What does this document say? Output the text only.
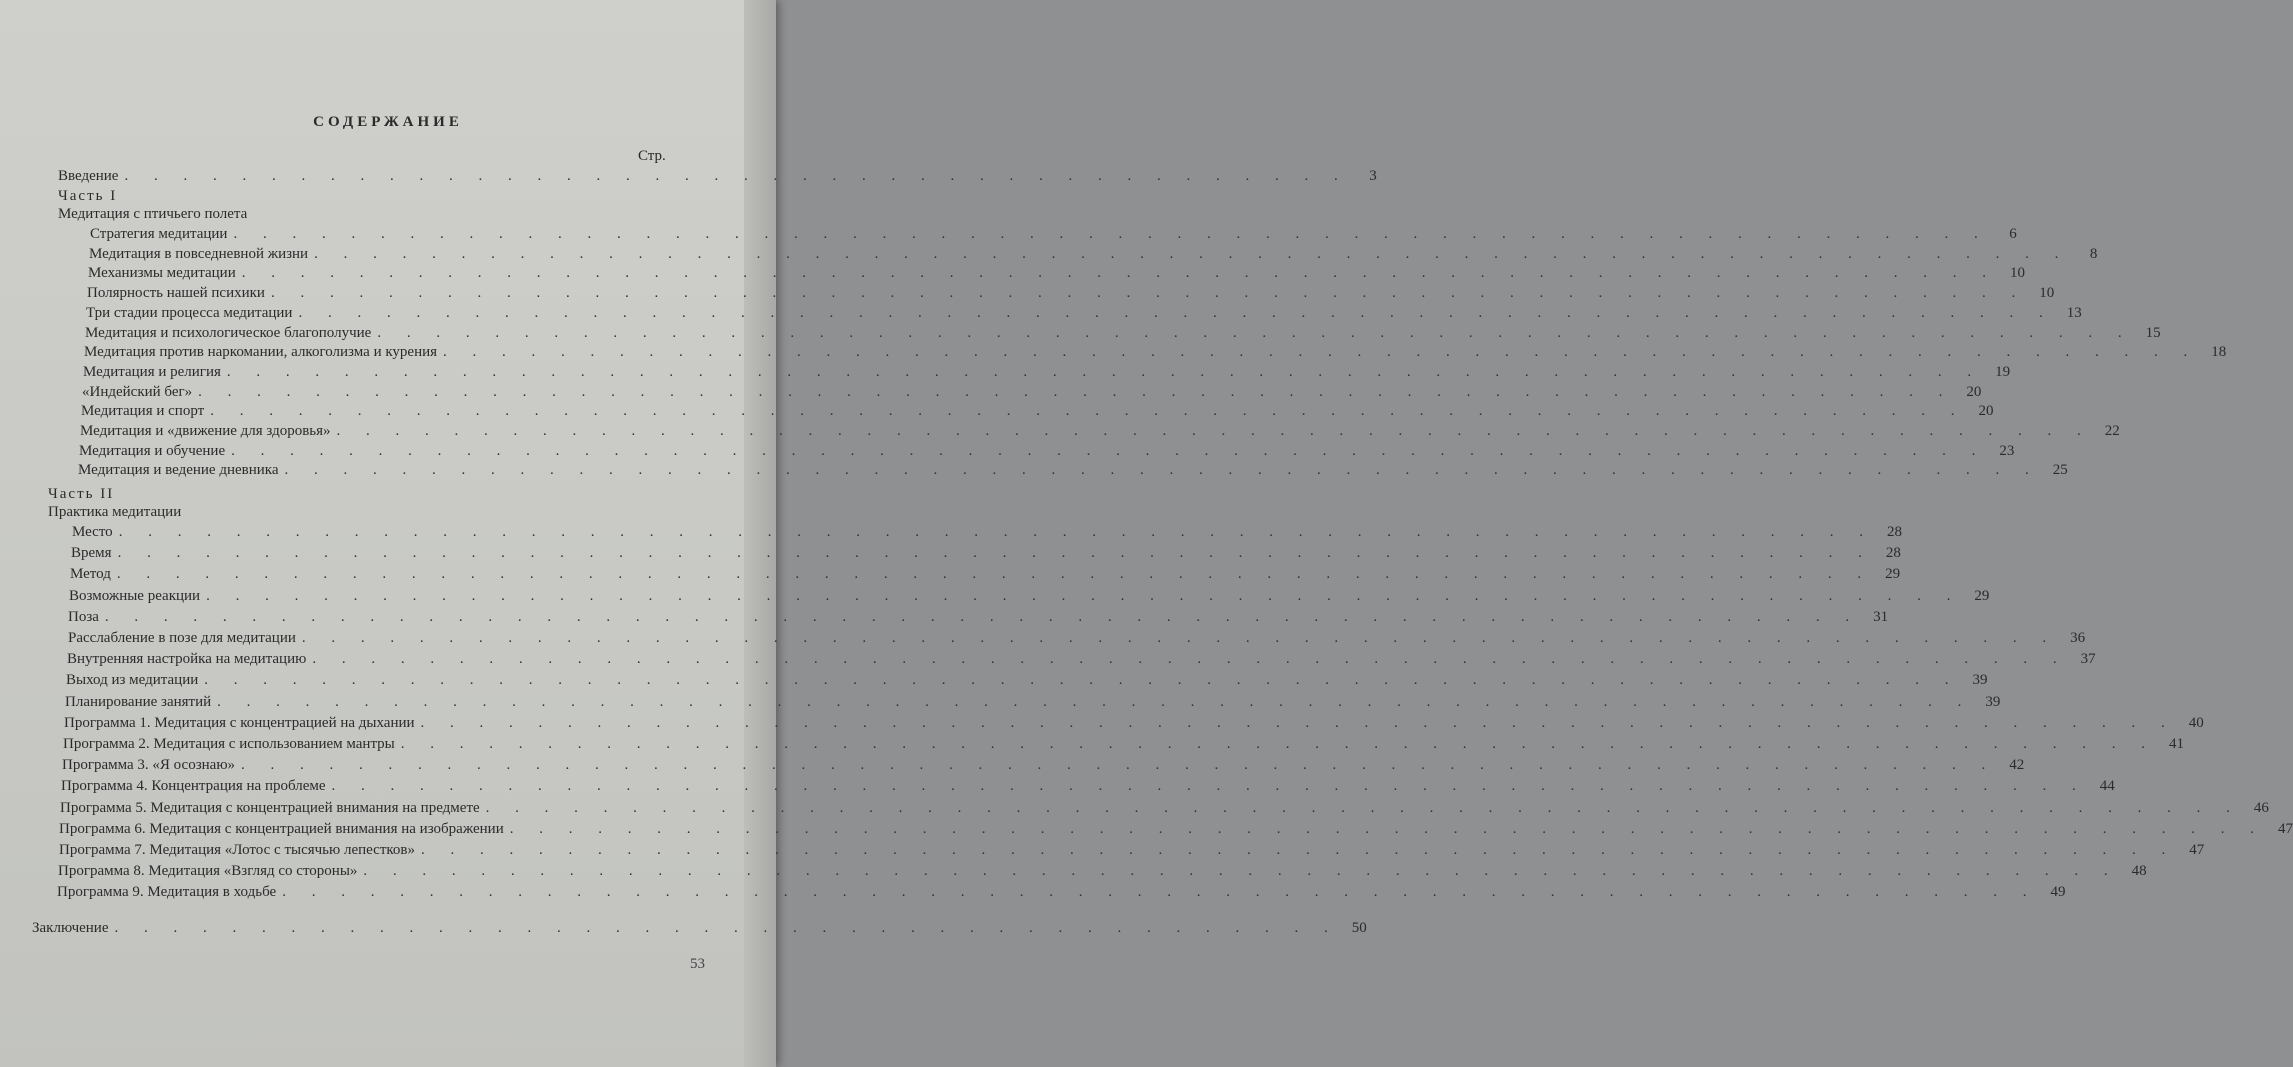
СОДЕРЖАНИЕ
Стр.
Введение . . . . . . . . . . . . . . . . . . . . . . . . . . . . . . . . . . . . . . . . . .	3
Часть I
Медитация с птичьего полета
Стратегия медитации . . . . . . . . . . . . . . . . . . . . . . . . . . . . . . . . . . . . . . . . . . . . . . . . . . . . . . . . . . . .	6
Медитация в повседневной жизни . . . . . . . . . . . . . . . . . . . . . . . . . . . . . . . . . . . . . . . . . . . . . . . . . . . . . . . . . . . .	8
Механизмы медитации . . . . . . . . . . . . . . . . . . . . . . . . . . . . . . . . . . . . . . . . . . . . . . . . . . . . . . . . . . . . 10
Полярность нашей психики . . . . . . . . . . . . . . . . . . . . . . . . . . . . . . . . . . . . . . . . . . . . . . . . . . . . . . . . . . . . 10
Три стадии процесса медитации . . . . . . . . . . . . . . . . . . . . . . . . . . . . . . . . . . . . . . . . . . . . . . . . . . . . . . . . . . . . 13
Медитация и психологическое благополучие . . . . . . . . . . . . . . . . . . . . . . . . . . . . . . . . . . . . . . . . . . . . . . . . . . . . . . . . . . . . 15
Медитация против наркомании, алкоголизма и курения . . . . . . . . . . . . . . . . . . . . . . . . . . . . . . . . . . . . . . . . . . . . . . . . . . . . . . . . . . . . 18
Медитация и религия . . . . . . . . . . . . . . . . . . . . . . . . . . . . . . . . . . . . . . . . . . . . . . . . . . . . . . . . . . . . 19
«Индейский бег» . . . . . . . . . . . . . . . . . . . . . . . . . . . . . . . . . . . . . . . . . . . . . . . . . . . . . . . . . . . . 20
Медитация и спорт . . . . . . . . . . . . . . . . . . . . . . . . . . . . . . . . . . . . . . . . . . . . . . . . . . . . . . . . . . . . 20
Медитация и «движение для здоровья» . . . . . . . . . . . . . . . . . . . . . . . . . . . . . . . . . . . . . . . . . . . . . . . . . . . . . . . . . . . . 22
Медитация и обучение . . . . . . . . . . . . . . . . . . . . . . . . . . . . . . . . . . . . . . . . . . . . . . . . . . . . . . . . . . . . 23
Медитация и ведение дневника . . . . . . . . . . . . . . . . . . . . . . . . . . . . . . . . . . . . . . . . . . . . . . . . . . . . . . . . . . . . 25
Часть II
Практика медитации
Место . . . . . . . . . . . . . . . . . . . . . . . . . . . . . . . . . . . . . . . . . . . . . . . . . . . . . . . . . . . . 28
Время . . . . . . . . . . . . . . . . . . . . . . . . . . . . . . . . . . . . . . . . . . . . . . . . . . . . . . . . . . . . 28
Метод . . . . . . . . . . . . . . . . . . . . . . . . . . . . . . . . . . . . . . . . . . . . . . . . . . . . . . . . . . . . 29
Возможные реакции . . . . . . . . . . . . . . . . . . . . . . . . . . . . . . . . . . . . . . . . . . . . . . . . . . . . . . . . . . . . 29
Поза . . . . . . . . . . . . . . . . . . . . . . . . . . . . . . . . . . . . . . . . . . . . . . . . . . . . . . . . . . . . 31
Расслабление в позе для медитации . . . . . . . . . . . . . . . . . . . . . . . . . . . . . . . . . . . . . . . . . . . . . . . . . . . . . . . . . . . . 36
Внутренняя настройка на медитацию . . . . . . . . . . . . . . . . . . . . . . . . . . . . . . . . . . . . . . . . . . . . . . . . . . . . . . . . . . . . 37
Выход из медитации . . . . . . . . . . . . . . . . . . . . . . . . . . . . . . . . . . . . . . . . . . . . . . . . . . . . . . . . . . . . 39
Планирование занятий . . . . . . . . . . . . . . . . . . . . . . . . . . . . . . . . . . . . . . . . . . . . . . . . . . . . . . . . . . . . 39
Программа 1. Медитация с концентрацией на дыхании . . . . . . . . . . . . . . . . . . . . . . . . . . . . . . . . . . . . . . . . . . . . . . . . . . . . . . . . . . . . 40
Программа 2. Медитация с использованием мантры . . . . . . . . . . . . . . . . . . . . . . . . . . . . . . . . . . . . . . . . . . . . . . . . . . . . . . . . . . . . 41
Программа 3. «Я осознаю» . . . . . . . . . . . . . . . . . . . . . . . . . . . . . . . . . . . . . . . . . . . . . . . . . . . . . . . . . . . . 42
Программа 4. Концентрация на проблеме . . . . . . . . . . . . . . . . . . . . . . . . . . . . . . . . . . . . . . . . . . . . . . . . . . . . . . . . . . . . 44
Программа 5. Медитация с концентрацией внимания на предмете . . . . . . . . . . . . . . . . . . . . . . . . . . . . . . . . . . . . . . . . . . . . . . . . . . . . . . . . . . . . 46
Программа 6. Медитация с концентрацией внимания на изображении . . . . . . . . . . . . . . . . . . . . . . . . . . . . . . . . . . . . . . . . . . . . . . . . . . . . . . . . . . . . 47
Программа 7. Медитация «Лотос с тысячью лепестков» . . . . . . . . . . . . . . . . . . . . . . . . . . . . . . . . . . . . . . . . . . . . . . . . . . . . . . . . . . . . 47
Программа 8. Медитация «Взгляд со стороны» . . . . . . . . . . . . . . . . . . . . . . . . . . . . . . . . . . . . . . . . . . . . . . . . . . . . . . . . . . . . 48
Программа 9. Медитация в ходьбе . . . . . . . . . . . . . . . . . . . . . . . . . . . . . . . . . . . . . . . . . . . . . . . . . . . . . . . . . . . . 49
Заключение . . . . . . . . . . . . . . . . . . . . . . . . . . . . . . . . . . . . . . . . . . 50
53
